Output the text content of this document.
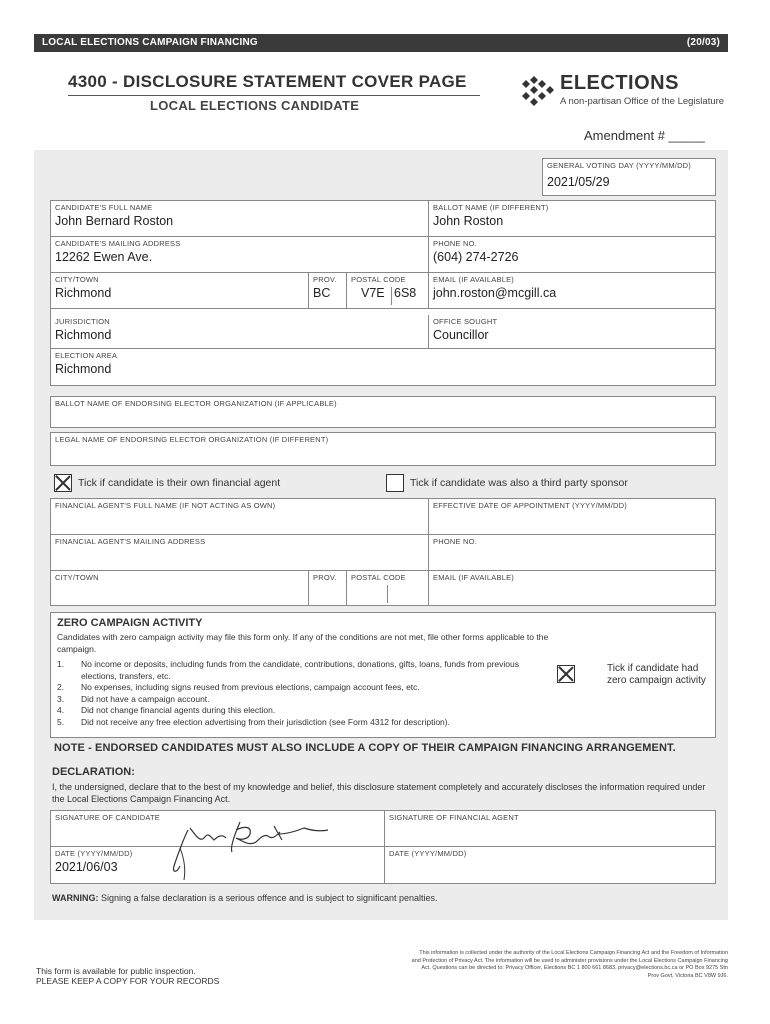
LOCAL ELECTIONS CAMPAIGN FINANCING	(20/03)
4300 - DISCLOSURE STATEMENT COVER PAGE
LOCAL ELECTIONS CANDIDATE
ELECTIONS
A non-partisan Office of the Legislature
Amendment # _____
GENERAL VOTING DAY (YYYY/MM/DD)
2021/05/29
CANDIDATE'S FULL NAME
John Bernard Roston
BALLOT NAME (IF DIFFERENT)
John Roston
CANDIDATE'S MAILING ADDRESS
12262 Ewen Ave.
PHONE NO.
(604) 274-2726
CITY/TOWN
Richmond
PROV.
BC
POSTAL CODE
V7E 6S8
EMAIL (IF AVAILABLE)
john.roston@mcgill.ca
JURISDICTION
Richmond
OFFICE SOUGHT
Councillor
ELECTION AREA
Richmond
BALLOT NAME OF ENDORSING ELECTOR ORGANIZATION (IF APPLICABLE)
LEGAL NAME OF ENDORSING ELECTOR ORGANIZATION (IF DIFFERENT)
Tick if candidate is their own financial agent	Tick if candidate was also a third party sponsor
FINANCIAL AGENT'S FULL NAME (IF NOT ACTING AS OWN)	EFFECTIVE DATE OF APPOINTMENT (YYYY/MM/DD)
FINANCIAL AGENT'S MAILING ADDRESS	PHONE NO.
CITY/TOWN	PROV. POSTAL CODE	EMAIL (IF AVAILABLE)
ZERO CAMPAIGN ACTIVITY
Candidates with zero campaign activity may file this form only. If any of the conditions are not met, file other forms applicable to the campaign.
1. No income or deposits, including funds from the candidate, contributions, donations, gifts, loans, funds from previous elections, transfers, etc.
2. No expenses, including signs reused from previous elections, campaign account fees, etc.
3. Did not have a campaign account.
4. Did not change financial agents during this election.
5. Did not receive any free election advertising from their jurisdiction (see Form 4312 for description).
Tick if candidate had zero campaign activity
NOTE - ENDORSED CANDIDATES MUST ALSO INCLUDE A COPY OF THEIR CAMPAIGN FINANCING ARRANGEMENT.
DECLARATION:
I, the undersigned, declare that to the best of my knowledge and belief, this disclosure statement completely and accurately discloses the information required under the Local Elections Campaign Financing Act.
SIGNATURE OF CANDIDATE	SIGNATURE OF FINANCIAL AGENT
DATE (YYYY/MM/DD)
2021/06/03
DATE (YYYY/MM/DD)
WARNING: Signing a false declaration is a serious offence and is subject to significant penalties.
This form is available for public inspection.
PLEASE KEEP A COPY FOR YOUR RECORDS
This information is collected under the authority of the Local Elections Campaign Financing Act and the Freedom of Information and Protection of Privacy Act. The information will be used to administer provisions under the Local Elections Campaign Financing Act. Questions can be directed to: Privacy Officer, Elections BC 1 800 661 8683, privacy@elections.bc.ca or PO Box 9275 Stn Prov Govt, Victoria BC V8W 9J6.
